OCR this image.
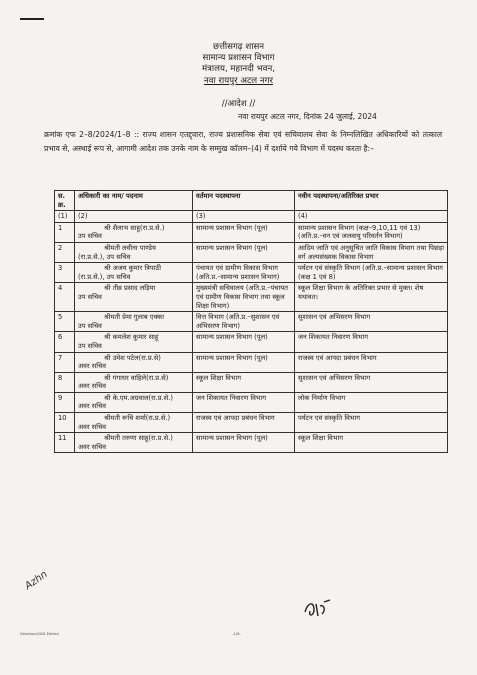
छत्तीसगढ़ शासन
सामान्य प्रशासन विभाग
मंत्रालय, महानदी भवन,
नवा रायपुर अटल नगर
//आदेश //
नवा रायपुर अटल नगर, दिनांक 24 जुलाई, 2024
क्रमांक एफ 2–8/2024/1–8 :: राज्य शासन एतद्द्वारा, राज्य प्रशासनिक सेवा एवं सचिवालय सेवा के निम्नलिखित अधिकारियों को तत्काल प्रभाव से, अस्थाई रूप से, आगामी आदेश तक उनके नाम के सम्मुख कॉलम–(4) में दर्शाये गये विभाग में पदस्थ करता है:–
स. क्र.	अधिकारी का नाम/ पदनाम	वर्तमान पदस्थापना	नवीन पदस्थापना/अतिरिक्त प्रभार
(1)	(2)	(3)	(4)
1	श्री शैलाभ साहू(रा.प्र.से.)
उप सचिव	सामान्य प्रशासन विभाग (पूल)	सामान्य प्रशासन विभाग (कक्ष–9,10,11 एवं 13) (अति.प्र.–वन एवं जलवायु परिवर्तन विभाग)
2	श्रीमती लवीना पाण्डेय
(रा.प्र.से.), उप सचिव	सामान्य प्रशासन विभाग (पूल)	आदिम जाति एवं अनुसूचित जाति विकास विभाग तथा पिछड़ा वर्ग अल्पसंख्यक विकास विभाग
3	श्री अजय कुमार त्रिपाठी
(रा.प्र.से.), उप सचिव	पंचायत एवं ग्रामीण विकास विभाग (अति.प्र.–सामान्य प्रशासन विभाग)	पर्यटन एवं संस्कृति विभाग (अति.प्र.–सामान्य प्रशासन विभाग (कक्ष 1 एवं 8)
4	श्री तीव्र प्रसाद लड़िया
उप सचिव	मुख्यमंत्री सचिवालय (अति.प्र.–पंचायत एवं ग्रामीण विकास विभाग तथा स्कूल शिक्षा विभाग)	स्कूल शिक्षा विभाग के अतिरिक्त प्रभार से मुक्त। शेष यथावत।
5	श्रीमती प्रेमा गुलाब एक्का
उप सचिव	वित्त विभाग (अति.प्र.–सुशासन एवं अभिसरण विभाग)	सुशासन एवं अभिसरण विभाग
6	श्री कमलेश कुमार साहू
उप सचिव	सामान्य प्रशासन विभाग (पूल)	जन शिकायत निवारण विभाग
7	श्री उमेश पटेल(रा.प्र.से)
अवर सचिव	सामान्य प्रशासन विभाग (पूल)	राजस्व एवं आपदा प्रबंधन विभाग
8	श्री गंगाधर वाहिले(रा.प्र.से)
अवर सचिव	स्कूल शिक्षा विभाग	सुशासन एवं अभिसरण विभाग
9	श्री के.एम.अग्रवाल(रा.प्र.से.)
अवर सचिव	जन शिकायत निवारण विभाग	लोक निर्माण विभाग
10	श्रीमती रूचि शर्मा(रा.प्र.से.)
अवर सचिव	राजस्व एवं आपदा प्रबंधन विभाग	पर्यटन एवं संस्कृति विभाग
11	श्रीमती तरुणा साहू(रा.प्र.से.)
अवर सचिव	सामान्य प्रशासन विभाग (पूल)	स्कूल शिक्षा विभाग
Azhn
Desktop\GAD Edited	-1/6-
